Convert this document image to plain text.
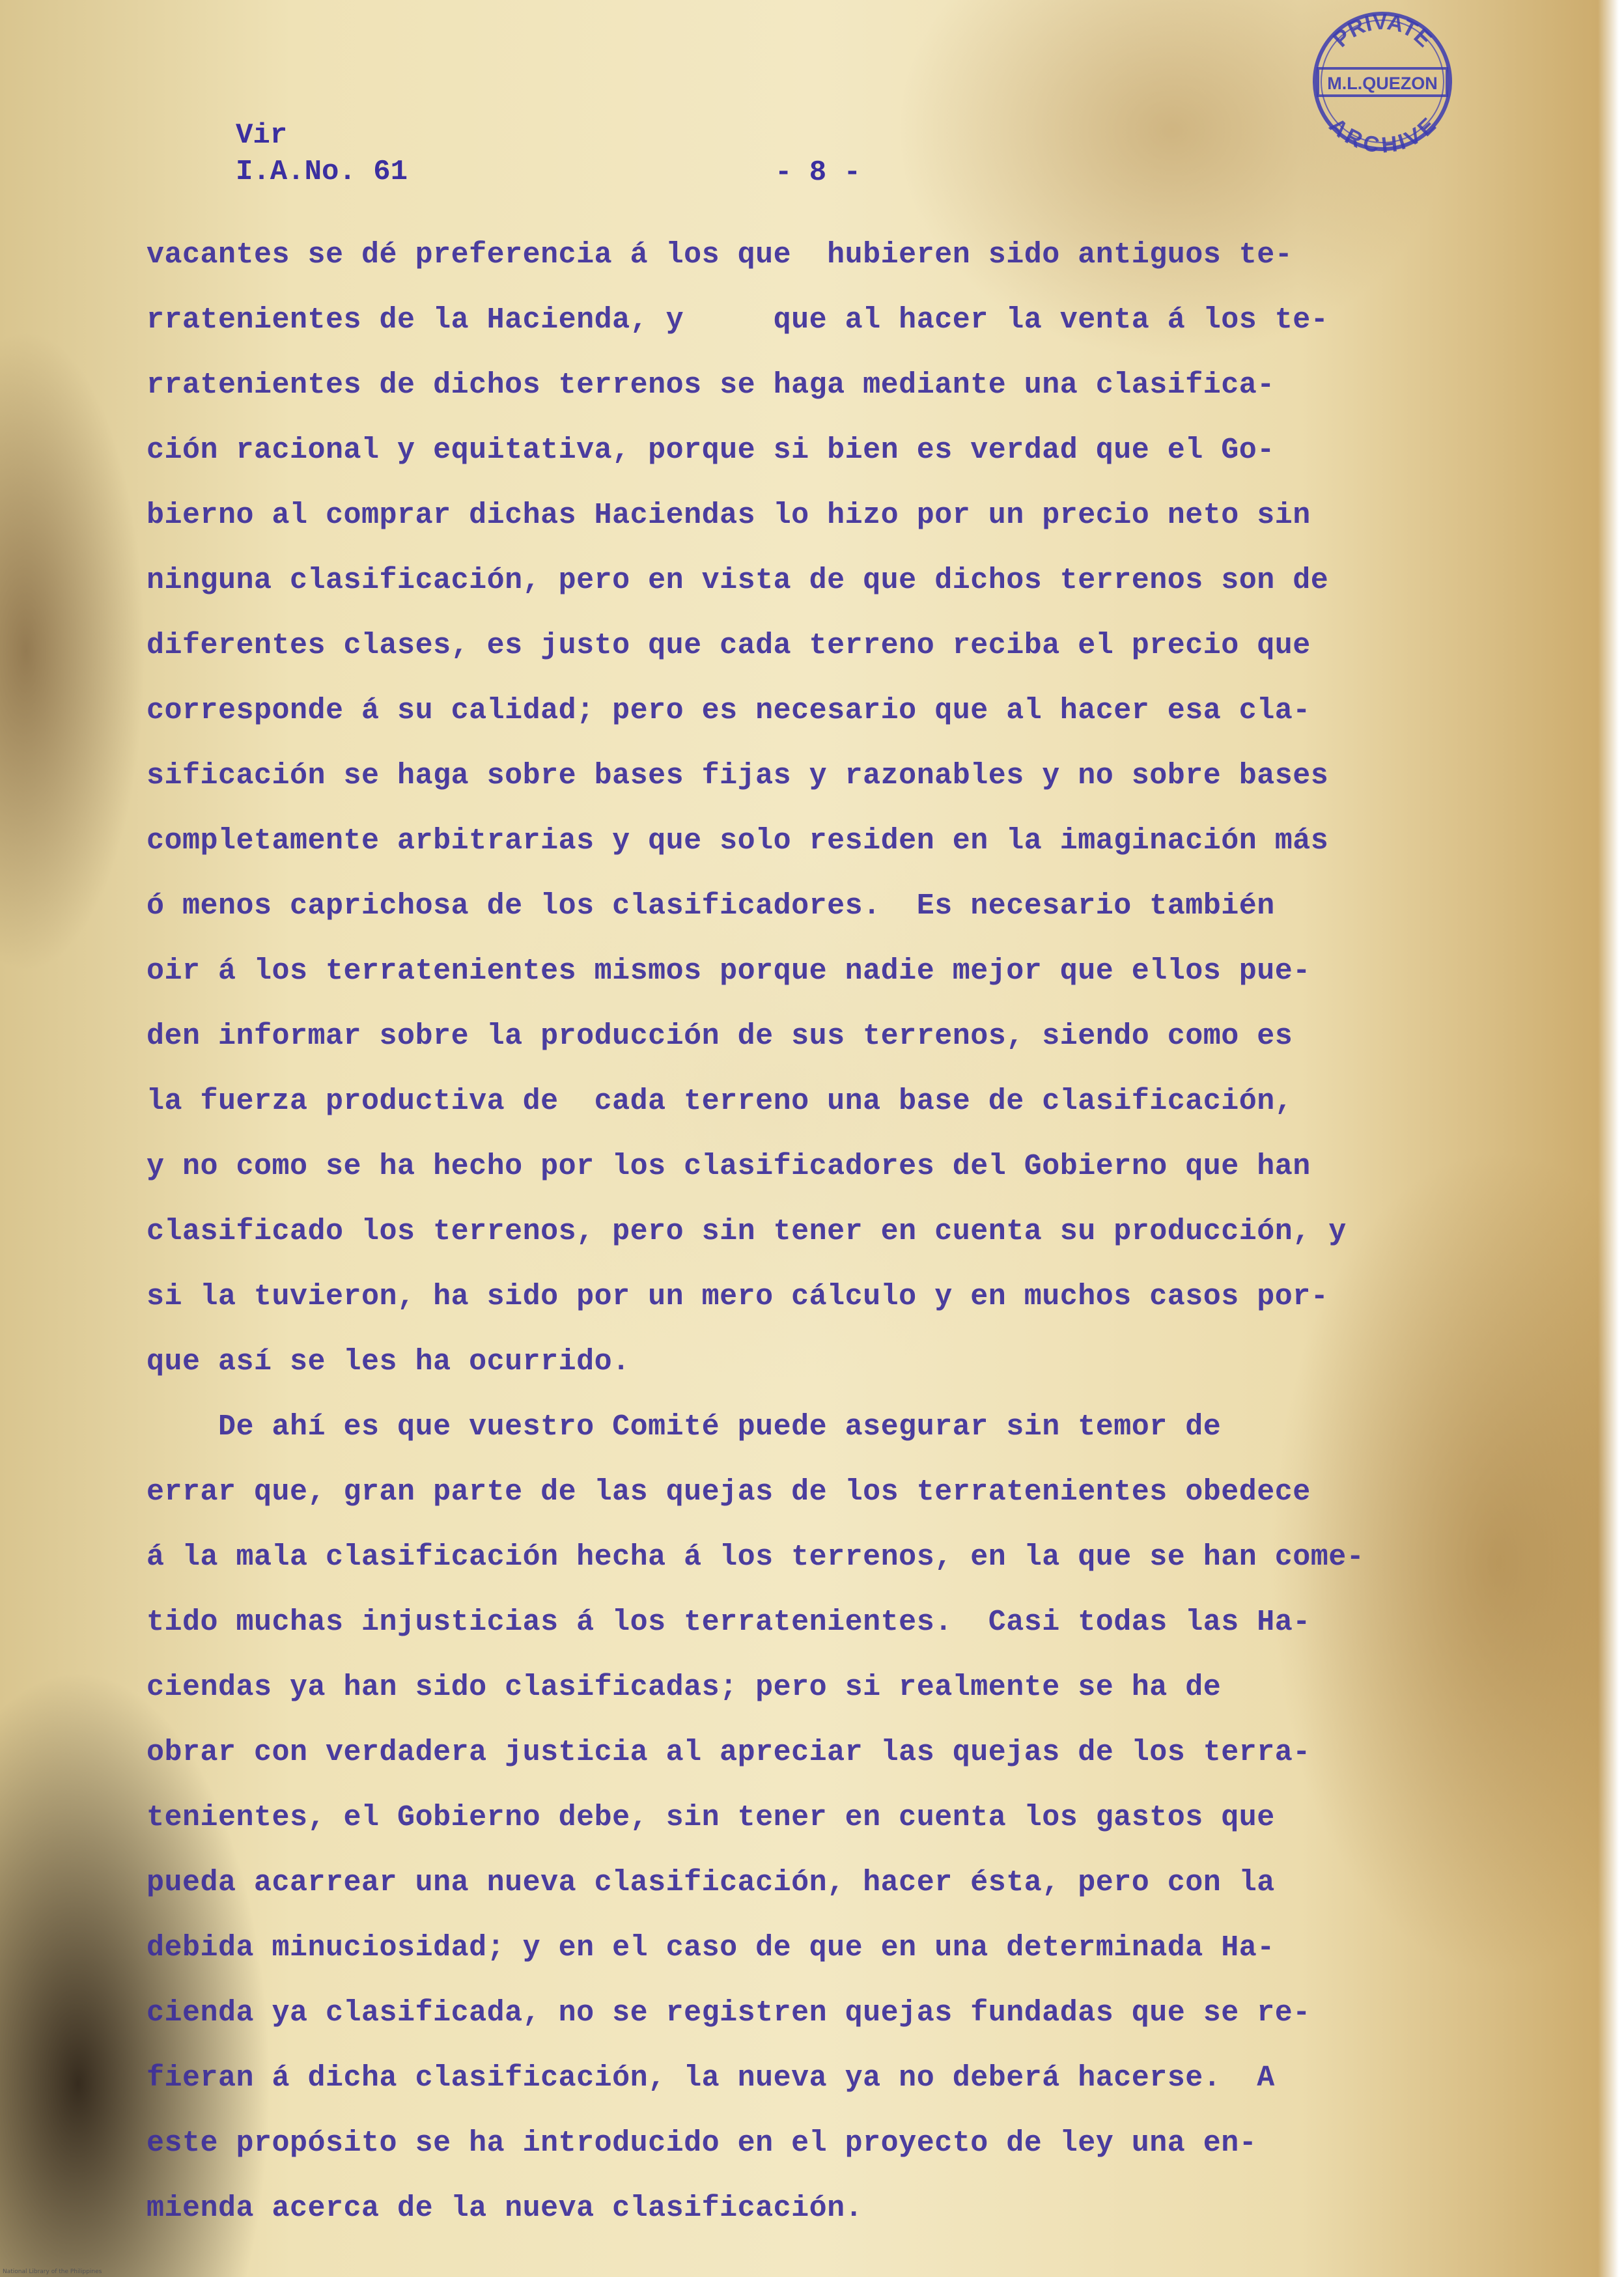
PRIVATE
M.L.QUEZON
ARCHIVE
Vir
I.A.No. 61	- 8 -
vacantes se dé preferencia á los que  hubieren sido antiguos te-
rratenientes de la Hacienda, y     que al hacer la venta á los te-
rratenientes de dichos terrenos se haga mediante una clasifica-
ción racional y equitativa, porque si bien es verdad que el Go-
bierno al comprar dichas Haciendas lo hizo por un precio neto sin
ninguna clasificación, pero en vista de que dichos terrenos son de
diferentes clases, es justo que cada terreno reciba el precio que
corresponde á su calidad; pero es necesario que al hacer esa cla-
sificación se haga sobre bases fijas y razonables y no sobre bases
completamente arbitrarias y que solo residen en la imaginación más
ó menos caprichosa de los clasificadores.  Es necesario también
oir á los terratenientes mismos porque nadie mejor que ellos pue-
den informar sobre la producción de sus terrenos, siendo como es
la fuerza productiva de  cada terreno una base de clasificación,
y no como se ha hecho por los clasificadores del Gobierno que han
clasificado los terrenos, pero sin tener en cuenta su producción, y
si la tuvieron, ha sido por un mero cálculo y en muchos casos por-
que así se les ha ocurrido.
De ahí es que vuestro Comité puede asegurar sin temor de
errar que, gran parte de las quejas de los terratenientes obedece
á la mala clasificación hecha á los terrenos, en la que se han come-
tido muchas injusticias á los terratenientes.  Casi todas las Ha-
ciendas ya han sido clasificadas; pero si realmente se ha de
obrar con verdadera justicia al apreciar las quejas de los terra-
tenientes, el Gobierno debe, sin tener en cuenta los gastos que
pueda acarrear una nueva clasificación, hacer ésta, pero con la
debida minuciosidad; y en el caso de que en una determinada Ha-
cienda ya clasificada, no se registren quejas fundadas que se re-
fieran á dicha clasificación, la nueva ya no deberá hacerse.  A
este propósito se ha introducido en el proyecto de ley una en-
mienda acerca de la nueva clasificación.
National Library of the Philippines
